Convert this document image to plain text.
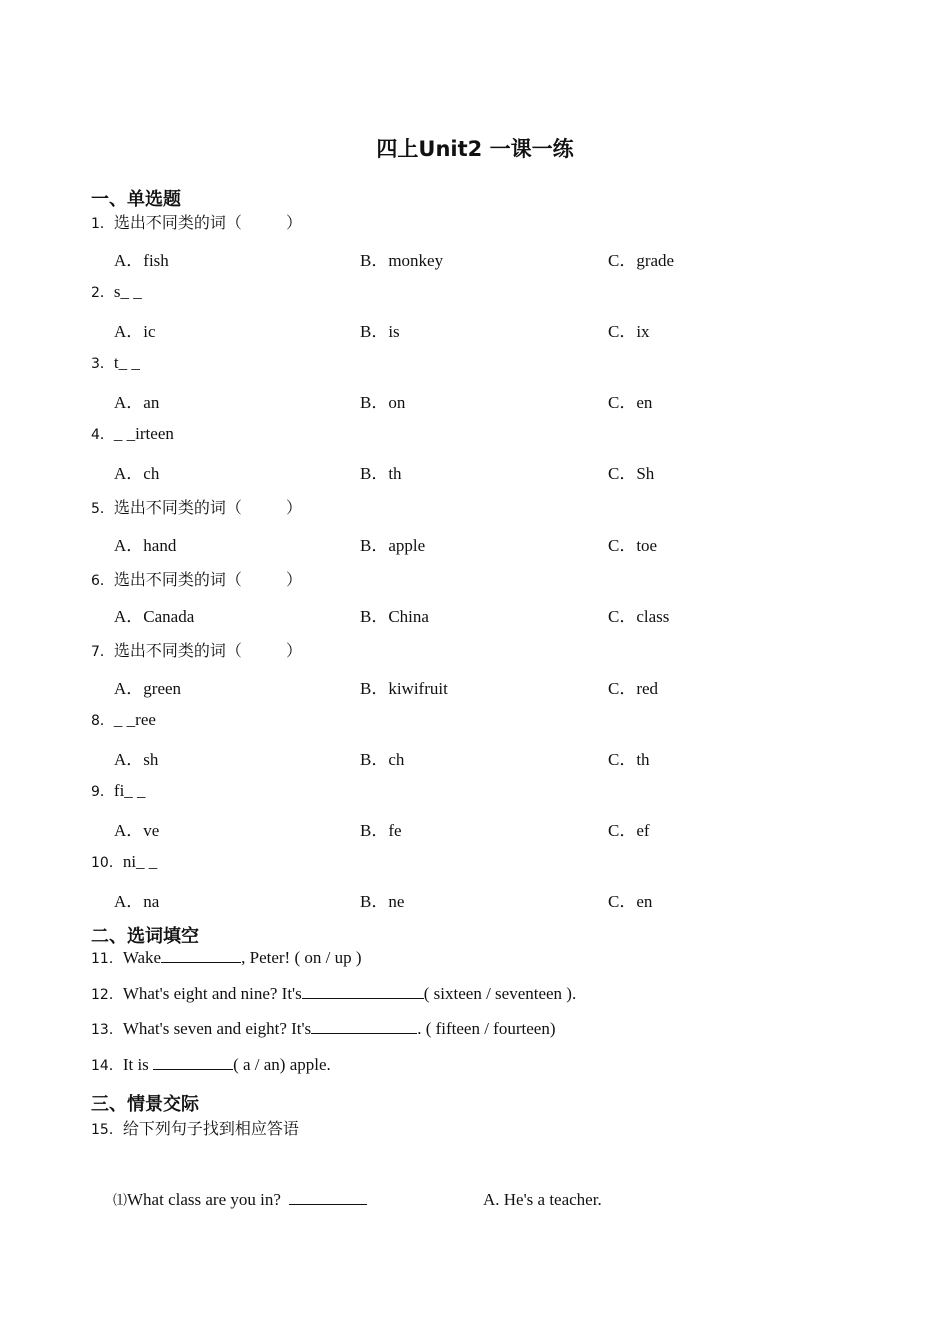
四上Unit2 一课一练
一、单选题
1．选出不同类的词（	）
A．fish	B．monkey	C．grade
2．s_ _
A．ic	B．is	C．ix
3．t_ _
A．an	B．on	C．en
4．_ _irteen
A．ch	B．th	C．Sh
5．选出不同类的词（	）
A．hand	B．apple	C．toe
6．选出不同类的词（	）
A．Canada	B．China	C．class
7．选出不同类的词（	）
A．green	B．kiwifruit	C．red
8．_ _ree
A．sh	B．ch	C．th
9．fi_ _
A．ve	B．fe	C．ef
10．ni_ _
A．na	B．ne	C．en
二、选词填空
11．Wake	, Peter! ( on / up )
12．What's eight and nine? It's	( sixteen / seventeen ).
13．What's seven and eight? It's	. ( fifteen / fourteen)
14．It is	( a / an) apple.
三、情景交际
15．给下列句子找到相应答语
⑴What class are you in?	A. He's a teacher.
